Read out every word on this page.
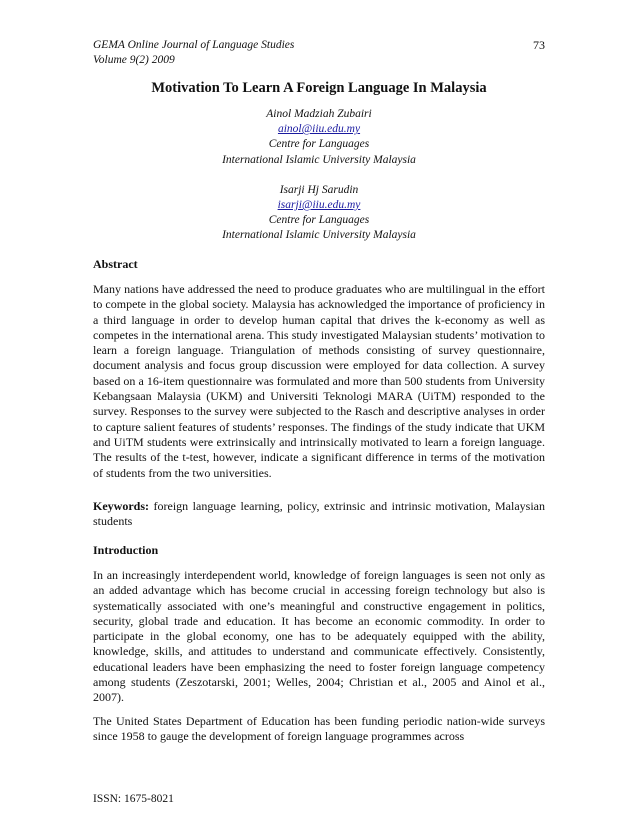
GEMA Online Journal of Language Studies
Volume 9(2) 2009
73
Motivation To Learn A Foreign Language In Malaysia
Ainol Madziah Zubairi
ainol@iiu.edu.my
Centre for Languages
International Islamic University Malaysia
Isarji Hj Sarudin
isarji@iiu.edu.my
Centre for Languages
International Islamic University Malaysia
Abstract
Many nations have addressed the need to produce graduates who are multilingual in the effort to compete in the global society. Malaysia has acknowledged the importance of proficiency in a third language in order to develop human capital that drives the k-economy as well as competes in the international arena. This study investigated Malaysian students’ motivation to learn a foreign language. Triangulation of methods consisting of survey questionnaire, document analysis and focus group discussion were employed for data collection. A survey based on a 16-item questionnaire was formulated and more than 500 students from University Kebangsaan Malaysia (UKM) and Universiti Teknologi MARA (UiTM) responded to the survey. Responses to the survey were subjected to the Rasch and descriptive analyses in order to capture salient features of students’ responses. The findings of the study indicate that UKM and UiTM students were extrinsically and intrinsically motivated to learn a foreign language. The results of the t-test, however, indicate a significant difference in terms of the motivation of students from the two universities.
Keywords: foreign language learning, policy, extrinsic and intrinsic motivation, Malaysian students
Introduction
In an increasingly interdependent world, knowledge of foreign languages is seen not only as an added advantage which has become crucial in accessing foreign technology but also is systematically associated with one’s meaningful and constructive engagement in politics, security, global trade and education. It has become an economic commodity. In order to participate in the global economy, one has to be adequately equipped with the ability, knowledge, skills, and attitudes to understand and communicate effectively. Consistently, educational leaders have been emphasizing the need to foster foreign language competency among students (Zeszotarski, 2001; Welles, 2004; Christian et al., 2005 and Ainol et al., 2007).
The United States Department of Education has been funding periodic nation-wide surveys since 1958 to gauge the development of foreign language programmes across
ISSN: 1675-8021
